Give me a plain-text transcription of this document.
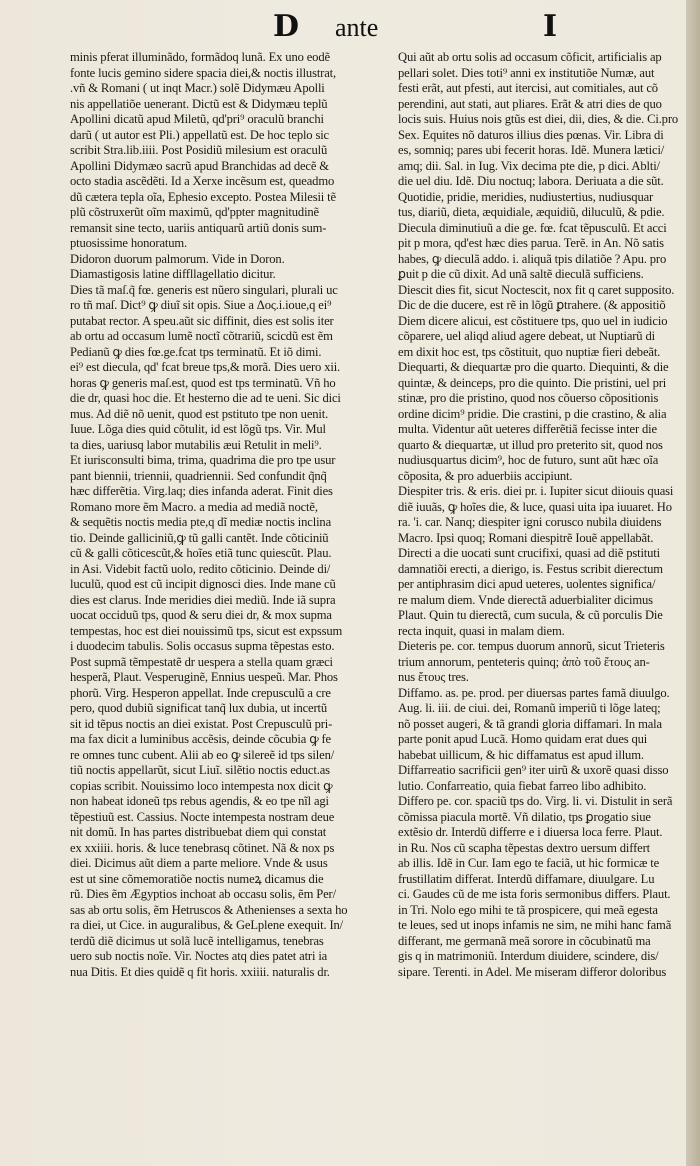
D ante	I
minis pferat illuminãdo, formãdoq lunã. Ex uno eodẽ
fonte lucis gemino sidere spacia diei,& noctis illustrat,
.vñ & Romani ( ut inqt Macr.) solẽ Didymæu Apolli
nis appellatiõe uenerant. Dictũ est & Didymæu teplũ
Apollini dicatũ apud Miletũ, qd'pri⁹ oraculũ branchi
darũ ( ut autor est Pli.) appellatũ est. De hoc teplo sic
scribit Stra.lib.iiii. Post Posidiũ milesium est oraculũ
Apollini Didymæo sacrũ apud Branchidas ad decẽ &
octo stadia ascẽdẽti. Id a Xerxe incẽsum est, queadmo
dũ cætera tepla oĩa, Ephesio excepto. Postea Milesii tẽ
plũ cõstruxerũt oĩm maximũ, qd'ppter magnitudinẽ
remansit sine tecto, uariis antiquarũ artiũ donis sum-
ptuosissime honoratum.
Didoron duorum palmorum. Vide in Doron.
Diamastigosis latine diffllagellatio dicitur.
Dies tã maſ.q̃ fœ. generis est nũero singulari, plurali uc
ro tñ maſ. Dict⁹ ꝙ diuĩ sit opis. Siue a Δος.i.ioue,q ei⁹
putabat rector. A speu.aũt sic diffinit, dies est solis iter
ab ortu ad occasum lumẽ noctĩ cõtrariũ, scicdũ est ẽm
Pedianũ ꝙ dies fœ.ge.fcat tps terminatũ. Et iõ dimi.
ei⁹ est diecula, qd' fcat breue tps,& morã. Dies uero xii.
horas ꝙ generis maſ.est, quod est tps terminatũ. Vñ ho
die dr, quasi hoc die. Et hesterno die ad te ueni. Sic dici
mus. Ad diẽ nõ uenit, quod est pstituto tpe non uenit.
Iuue. Lõga dies quid cõtulit, id est lõgũ tps. Vir. Mul
ta dies, uariusq labor mutabilis æui Retulit in meli⁹.
Et iurisconsulti bima, trima, quadrima die pro tpe usur
pant biennii, triennii, quadriennii. Sed confundit q̃nq̃
hæc differẽtia. Virg.laq; dies infanda aderat. Finit dies
Romano more ẽm Macro. a media ad mediã noctẽ,
& sequẽtis noctis media pte,q dĩ mediæ noctis inclina
tio. Deinde galliciniũ,ꝙ tũ galli cantẽt. Inde cõticiniũ
cũ & galli cõticescũt,& hoĩes etiã tunc quiescũt. Plau.
in Asi. Videbit factũ uolo, redito cõticinio. Deinde di/
luculũ, quod est cũ incipit dignosci dies. Inde mane cũ
dies est clarus. Inde meridies diei mediũ. Inde iã supra
uocat occiduũ tps, quod & seru diei dr, & mox supma
tempestas, hoc est diei nouissimũ tps, sicut est expssum
i duodecim tabulis. Solis occasus supma tẽpestas esto.
Post supmã tẽmpestatẽ dr uespera a stella quam græci
hesperã, Plaut. Vesperuginẽ, Ennius uespeũ. Mar. Phos
phorũ. Virg. Hesperon appellat. Inde crepusculũ a cre
pero, quod dubiũ significat tanq̃ lux dubia, ut incertũ
sit id tẽpus noctis an diei existat. Post Crepusculũ pri-
ma fax dicit a luminibus accẽsis, deinde cõcubia ꝙ fe
re omnes tunc cubent. Alii ab eo ꝙ silereẽ id tps silen/
tiũ noctis appellarũt, sicut Liuĩ. silẽtio noctis educt.as
copias scribit. Nouissimo loco intempesta nox dicit ꝙ
non habeat idoneũ tps rebus agendis, & eo tpe nĩl agi
tẽpestiuũ est. Cassius. Nocte intempesta nostram deue
nit domũ. In has partes distribuebat diem qui constat
ex xxiiii. horis. & luce tenebrasq cõtinet. Nã & nox ps
diei. Dicimus aũt diem a parte meliore. Vnde & usus
est ut sine cõmemoratiõe noctis numeꝝ dicamus die
rũ. Dies ẽm Ægyptios inchoat ab occasu solis, ẽm Per/
sas ab ortu solis, ẽm Hetruscos & Athenienses a sexta ho
ra diei, ut Cice. in auguralibus, & GeLplene exequit. In/
terdũ diẽ dicimus ut solã lucẽ intelligamus, tenebras
uero sub noctis noĩe. Vir. Noctes atq dies patet atri ia
nua Ditis. Et dies quidẽ q fit horis. xxiiii. naturalis dr.
Qui aũt ab ortu solis ad occasum cõficit, artificialis ap
pellari solet. Dies toti⁹ anni ex institutiõe Numæ, aut
festi erãt, aut pfesti, aut itercisi, aut comitiales, aut cõ
perendini, aut stati, aut pliares. Erãt & atri dies de quo
locis suis. Huius nois gtũs est diei, dii, dies, & die. Ci.pro
Sex. Equites nõ daturos illius dies pœnas. Vir. Libra di
es, somniq; pares ubi fecerit horas. Idẽ. Munera lætici/
amq; dii. Sal. in Iug. Vix decima pte die, p dici. Ablti/
die uel diu. Idẽ. Diu noctuq; labora. Deriuata a die sũt.
Quotidie, pridie, meridies, nudiustertius, nudiusquar
tus, diariũ, dieta, æquidiale, æquidiũ, diluculũ, & pdie.
Diecula diminutiuũ a die ge. fœ. fcat tẽpusculũ. Et acci
pit p mora, qd'est hæc dies parua. Terẽ. in An. Nõ satis
habes, ꝙ dieculã addo. i. aliquã tpis dilatiõe ? Apu. pro
ꝑuit p die cũ dixit. Ad unã saltẽ dieculã sufficiens.
Diescit dies fit, sicut Noctescit, nox fit q caret supposito.
Dic de die ducere, est rẽ in lõgũ ꝑtrahere. (& appositiõ
Diem dicere alicui, est cõstituere tps, quo uel in iudicio
cõparere, uel aliqd aliud agere debeat, ut Nuptiarũ di
em dixit hoc est, tps cõstituit, quo nuptiæ fieri debeãt.
Diequarti, & diequartæ pro die quarto. Diequinti, & die
quintæ, & deinceps, pro die quinto. Die pristini, uel pri
stinæ, pro die pristino, quod nos cõuerso cõpositionis
ordine dicim⁹ pridie. Die crastini, p die crastino, & alia
multa. Videntur aũt ueteres differẽtiã fecisse inter die
quarto & diequartæ, ut illud pro preterito sit, quod nos
nudiusquartus dicim⁹, hoc de futuro, sunt aũt hæc oĩa
cõposita, & pro aduerbiis accipiunt.
Diespiter tris. & eris. diei pr. i. Iupiter sicut diiouis quasi
diẽ iuuãs, ꝙ hoĩes die, & luce, quasi uita ipa iuuaret. Ho
ra. 'i. car. Nanq; diespiter igni corusco nubila diuidens
Macro. Ipsi quoq; Romani diespitrẽ Iouẽ appellabãt.
Directi a die uocati sunt crucifixi, quasi ad diẽ pstituti
damnatiõi erecti, a dierigo, is. Festus scribit dierectum
per antiphrasim dici apud ueteres, uolentes significa/
re malum diem. Vnde dierectã aduerbialiter dicimus
Plaut. Quin tu dierectã, cum sucula, & cũ porculis Die
recta inquit, quasi in malam diem.
Dieteris pe. cor. tempus duorum annorũ, sicut Trieteris
trium annorum, penteteris quinq; ἀπὸ τοῦ ἔτους an-
nus ἔτους tres.
Diffamo. as. pe. prod. per diuersas partes famã diuulgo.
Aug. li. iii. de ciui. dei, Romanũ imperiũ ti lõge lateq;
nõ posset augeri, & tã grandi gloria diffamari. In mala
parte ponit apud Lucã. Homo quidam erat dues qui
habebat uillicum, & hic diffamatus est apud illum.
Diffarreatio sacrificii gen⁹ iter uirũ & uxorẽ quasi disso
lutio. Confarreatio, quia fiebat farreo libo adhibito.
Differo pe. cor. spaciũ tps do. Virg. li. vi. Distulit in serã
cõmissa piacula mortẽ. Vñ dilatio, tps ꝑrogatio siue
extẽsio dr. Interdũ differre e i diuersa loca ferre. Plaut.
in Ru. Nos cũ scapha tẽpestas dextro uersum differt
ab illis. Idẽ in Cur. Iam ego te faciã, ut hic formicæ te
frustillatim differat. Interdũ diffamare, diuulgare. Lu
ci. Gaudes cũ de me ista foris sermonibus differs. Plaut.
in Tri. Nolo ego mihi te tã prospicere, qui meã egesta
te leues, sed ut inops infamis ne sim, ne mihi hanc famã
differant, me germanã meã sorore in cõcubinatũ ma
gis q in matrimoniũ. Interdum diuidere, scindere, dis/
sipare. Terenti. in Adel. Me miseram differor doloribus
